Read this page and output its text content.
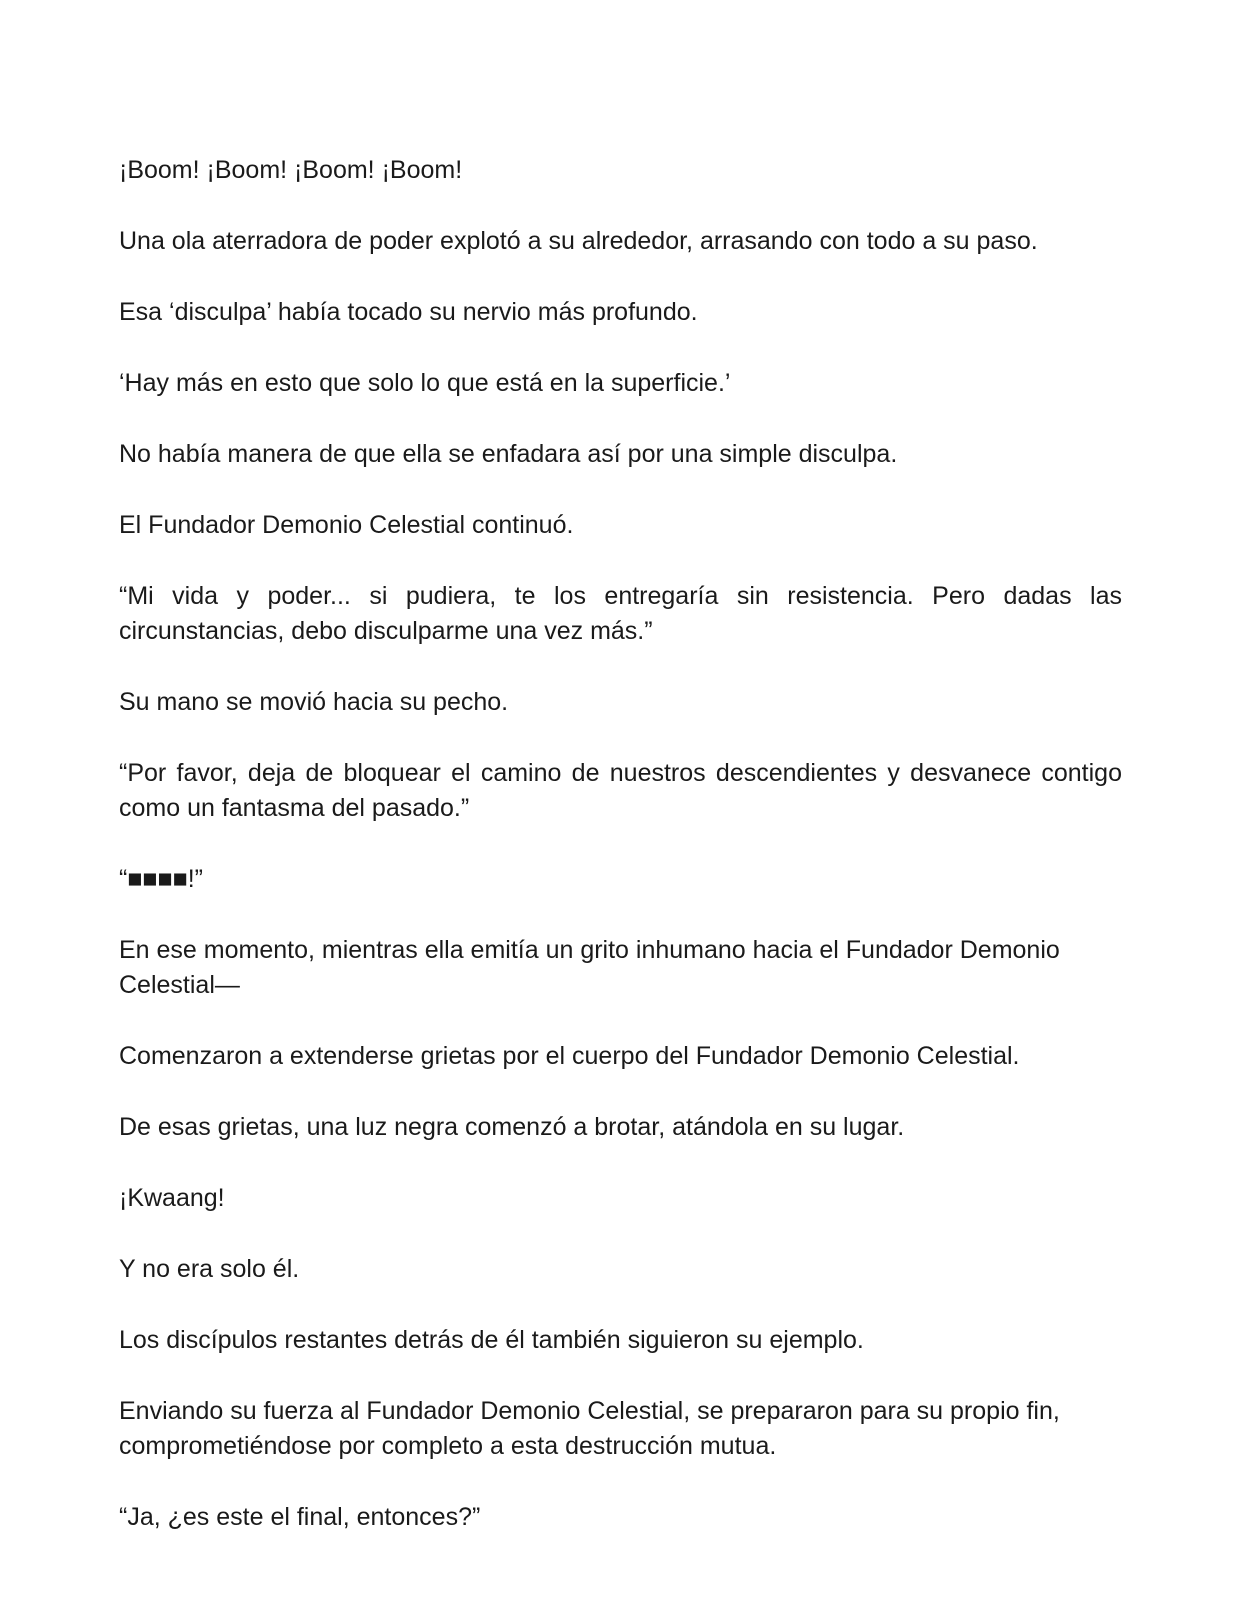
¡Boom! ¡Boom! ¡Boom! ¡Boom!

Una ola aterradora de poder explotó a su alrededor, arrasando con todo a su paso.

Esa ‘disculpa’ había tocado su nervio más profundo.

‘Hay más en esto que solo lo que está en la superficie.’

No había manera de que ella se enfadara así por una simple disculpa.

El Fundador Demonio Celestial continuó.

“Mi vida y poder... si pudiera, te los entregaría sin resistencia. Pero dadas las circunstancias, debo disculparme una vez más.”

Su mano se movió hacia su pecho.

“Por favor, deja de bloquear el camino de nuestros descendientes y desvanece contigo como un fantasma del pasado.”

“■■■■!”

En ese momento, mientras ella emitía un grito inhumano hacia el Fundador Demonio Celestial—

Comenzaron a extenderse grietas por el cuerpo del Fundador Demonio Celestial.

De esas grietas, una luz negra comenzó a brotar, atándola en su lugar.

¡Kwaang!

Y no era solo él.

Los discípulos restantes detrás de él también siguieron su ejemplo.

Enviando su fuerza al Fundador Demonio Celestial, se prepararon para su propio fin, comprometiéndose por completo a esta destrucción mutua.

“Ja, ¿es este el final, entonces?”
